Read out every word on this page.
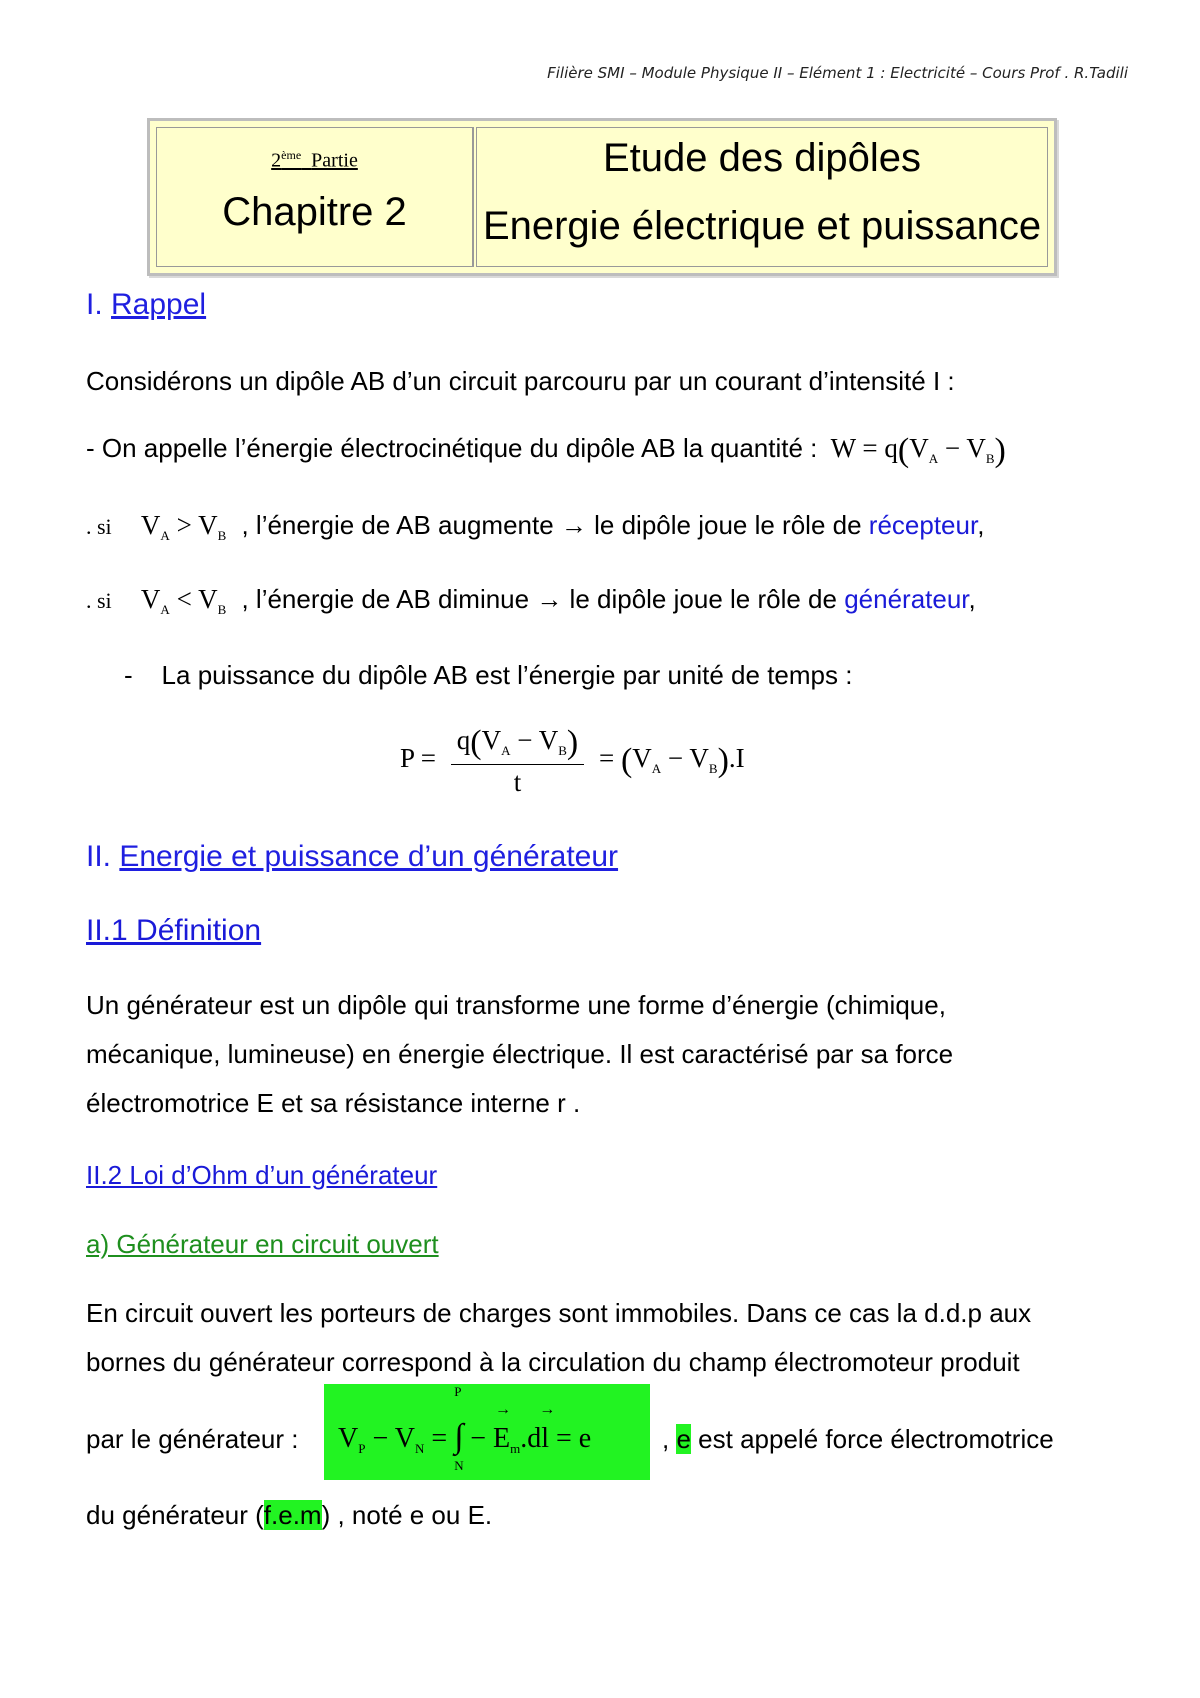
Filière SMI – Module Physique II – Elément 1 : Electricité – Cours Prof . R.Tadili
2ème Partie
Chapitre 2
Etude des dipôles
Energie électrique et puissance
I. Rappel
Considérons un dipôle AB d’un circuit parcouru par un courant d’intensité I :
- On appelle l’énergie électrocinétique du dipôle AB la quantité : $W = q(V_A - V_B)$
. si $V_A > V_B$ , l’énergie de AB augmente → le dipôle joue le rôle de récepteur,
. si $V_A < V_B$ , l’énergie de AB diminue → le dipôle joue le rôle de générateur,
-    La puissance du dipôle AB est l’énergie par unité de temps :
$P = \frac{q(V_A - V_B)}{t} = (V_A - V_B).I$
II. Energie et puissance d’un générateur
II.1 Définition
Un générateur est un dipôle qui transforme une forme d’énergie (chimique,
mécanique, lumineuse) en énergie électrique. Il est caractérisé par sa force
électromotrice E et sa résistance interne r .
II.2 Loi d’Ohm d’un générateur
a) Générateur en circuit ouvert
En circuit ouvert les porteurs de charges sont immobiles. Dans ce cas la d.d.p aux
bornes du générateur correspond à la circulation du champ électromoteur produit
par le générateur : $V_P - V_N$ =
P
∫
N
−
→
$E_m.d$
→
l = e	, e est appelé force électromotrice
du générateur (f.e.m) , noté e ou E.
